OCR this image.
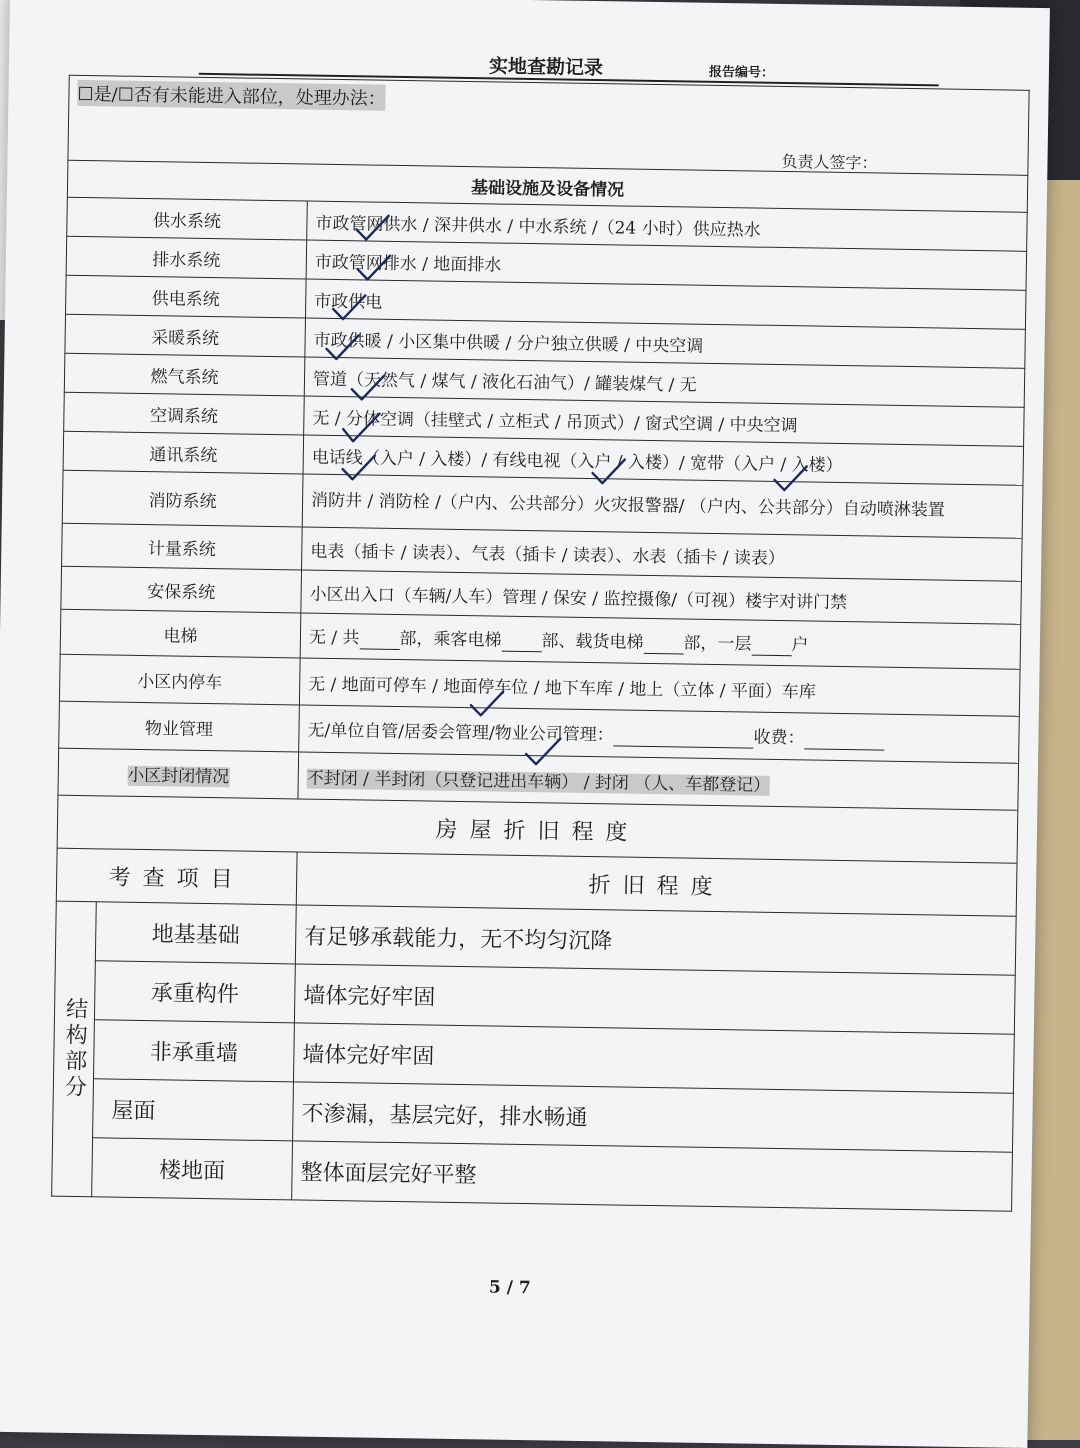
实地查勘记录	报告编号：
☐是/☐否有未能进入部位，处理办法：
负责人签字：		

基础设施及设备情况		
供水系统		市政管网供水 / 深井供水 / 中水系统 /（24 小时）供应热水
排水系统		市政管网排水 / 地面排水
供电系统		市政供电
采暖系统		市政供暖 / 小区集中供暖 / 分户独立供暖 / 中央空调
燃气系统		管道（天然气 / 煤气 / 液化石油气）/ 罐装煤气 / 无
空调系统		无 / 分体空调（挂壁式 / 立柜式 / 吊顶式）/ 窗式空调 / 中央空调
通讯系统		电话线（入户 / 入楼）/ 有线电视（入户 / 入楼）/ 宽带（入户 / 入楼）
消防系统		消防井 / 消防栓 /（户内、公共部分）火灾报警器/ （户内、公共部分）自动喷淋装置
计量系统		电表（插卡 / 读表）、气表（插卡 / 读表）、水表（插卡 / 读表）
安保系统		小区出入口（车辆/人车）管理 / 保安 / 监控摄像/（可视）楼宇对讲门禁
电梯		无 / 共 部，乘客电梯 部、载货电梯 部，一层 户
小区内停车		无 / 地面可停车 / 地面停车位 / 地下车库 / 地上（立体 / 平面）车库
物业管理		无/单位自管/居委会管理/物业公司管理： 收费：
小区封闭情况		不封闭 / 半封闭（只登记进出车辆） / 封闭 （人、车都登记）
房屋折旧程度		
考查项目		折旧程度
结构部分	地基基础	有足够承载能力，无不均匀沉降
	承重构件	墙体完好牢固
	非承重墙	墙体完好牢固
	屋面	不渗漏，基层完好，排水畅通
	楼地面	整体面层完好平整
5 / 7
